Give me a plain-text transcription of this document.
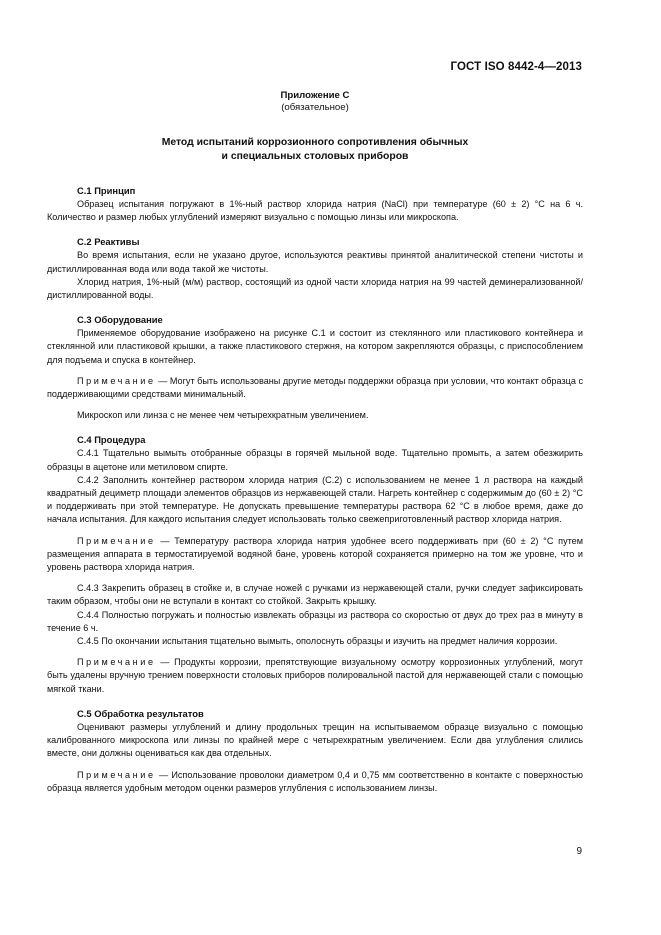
ГОСТ ISO 8442-4—2013
Приложение С
(обязательное)
Метод испытаний коррозионного сопротивления обычных
и специальных столовых приборов
С.1 Принцип

Образец испытания погружают в 1%-ный раствор хлорида натрия (NaCl) при температуре (60 ± 2) °С на 6 ч. Количество и размер любых углублений измеряют визуально с помощью линзы или микроскопа.

С.2 Реактивы

Во время испытания, если не указано другое, используются реактивы принятой аналитической степени чистоты и дистиллированная вода или вода такой же чистоты.

Хлорид натрия, 1%-ный (м/м) раствор, состоящий из одной части хлорида натрия на 99 частей деминерализованной/дистиллированной воды.

С.3 Оборудование

Применяемое оборудование изображено на рисунке С.1 и состоит из стеклянного или пластикового контейнера и стеклянной или пластиковой крышки, а также пластикового стержня, на котором закрепляются образцы, с приспособлением для подъема и спуска в контейнер.

Примечание — Могут быть использованы другие методы поддержки образца при условии, что контакт образца с поддерживающими средствами минимальный.

Микроскоп или линза с не менее чем четырехкратным увеличением.

С.4 Процедура

С.4.1 Тщательно вымыть отобранные образцы в горячей мыльной воде. Тщательно промыть, а затем обезжирить образцы в ацетоне или метиловом спирте.

С.4.2 Заполнить контейнер раствором хлорида натрия (С.2) с использованием не менее 1 л раствора на каждый квадратный дециметр площади элементов образцов из нержавеющей стали. Нагреть контейнер с содержимым до (60 ± 2) °С и поддерживать при этой температуре. Не допускать превышение температуры раствора 62 °С в любое время, даже до начала испытания. Для каждого испытания следует использовать только свежеприготовленный раствор хлорида натрия.

Примечание — Температуру раствора хлорида натрия удобнее всего поддерживать при (60 ± 2) °С путем размещения аппарата в термостатируемой водяной бане, уровень которой сохраняется примерно на том же уровне, что и уровень раствора хлорида натрия.

С.4.3 Закрепить образец в стойке и, в случае ножей с ручками из нержавеющей стали, ручки следует зафиксировать таким образом, чтобы они не вступали в контакт со стойкой. Закрыть крышку.

С.4.4 Полностью погружать и полностью извлекать образцы из раствора со скоростью от двух до трех раз в минуту в течение 6 ч.

С.4.5 По окончании испытания тщательно вымыть, ополоснуть образцы и изучить на предмет наличия коррозии.

Примечание — Продукты коррозии, препятствующие визуальному осмотру коррозионных углублений, могут быть удалены вручную трением поверхности столовых приборов полировальной пастой для нержавеющей стали с помощью мягкой ткани.

С.5 Обработка результатов

Оценивают размеры углублений и длину продольных трещин на испытываемом образце визуально с помощью калиброванного микроскопа или линзы по крайней мере с четырехкратным увеличением. Если два углубления слились вместе, они должны оцениваться как два отдельных.

Примечание — Использование проволоки диаметром 0,4 и 0,75 мм соответственно в контакте с поверхностью образца является удобным методом оценки размеров углубления с использованием линзы.

9
